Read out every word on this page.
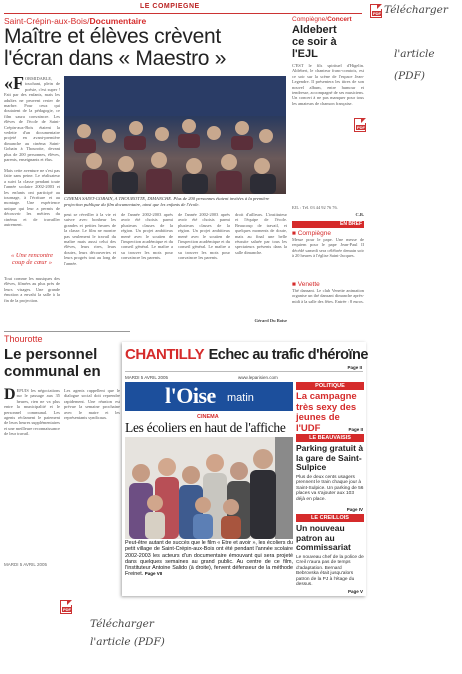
LE COMPIEGNE
Saint-Crépin-aux-Bois/Documentaire
Maître et élèves crèvent
l'écran dans « Maestro »
«F ORMIDABLE, touchant, plein de poésie, c'est super ! Fait par des enfants, mais les adultes ne peuvent rester de marbre. Pour ceux qui doutaient de la pédagogie, ce film saura convaincre. Les élèves de l'école de Saint-Crépin-aux-Bois étaient la vedette d'un documentaire projeté en avant-première dimanche au cinéma Saint-Gobain à Thourotte, devant plus de 200 personnes, élèves, parents, enseignants et élus.
Mais cette aventure ne s'est pas faite sans peine. Le réalisateur a suivi la classe pendant toute l'année scolaire 2002-2003 et les enfants ont participé au tournage, à l'écriture et au montage. Une expérience unique qui leur a permis de découvrir les métiers du cinéma et de travailler autrement.
« Une rencontre coup de cœur »
Tout comme les musiques des élèves, filmées au plus près de leurs visages. Une grande émotion a envahi la salle à la fin de la projection.
CINEMA SAINT-GOBAIN, A THOUROTTE, DIMANCHE. Plus de 200 personnes étaient invitées à la première projection publique du film documentaire, ainsi que les enfants de l'école.
peut se réveiller à la vie et suivre avec bonheur les grandes et petites heures de la classe. Le film ne montre pas seulement le travail du maître mais aussi celui des élèves, leurs rires, leurs doutes, leurs découvertes et leurs progrès tout au long de l'année.
de l'année 2002-2003 après avoir été choisis parmi plusieurs classes de la région. Un projet ambitieux mené avec le soutien de l'inspection académique et du conseil général. Le maître a su trouver les mots pour convaincre les parents.
de l'année 2002-2003 après avoir été choisis parmi plusieurs classes de la région. Un projet ambitieux mené avec le soutien de l'inspection académique et du conseil général. Le maître a su trouver les mots pour convaincre les parents.
droit d'ailleurs. L'instituteur et l'équipe de l'école. Beaucoup de travail, et quelques moments de doute, mais au final une belle réussite saluée par tous les spectateurs présents dans la salle dimanche.
Gérard Du Boise
Compiègne/Concert
Aldebert
ce soir à l'EJL
C'EST le fils spirituel d'Higelin. Aldebert, le chanteur franc-comtois, est ce soir sur la scène de l'espace Jean-Legendre. Il présentera les titres de son nouvel album, entre humour et tendresse, accompagné de ses musiciens. Un concert à ne pas manquer pour tous les amateurs de chanson française.
EJL : Tél. 03 44 92 76 76.
C.B.
EN BREF
■ Compiègne
Messe pour le pape. Une messe de requiem pour le pape Jean-Paul II décédé samedi sera célébrée demain soir à 20 heures à l'église Saint-Jacques.
■ Venette
Thé dansant. Le club Venette animation organise un thé dansant dimanche après-midi à la salle des fêtes. Entrée : 8 euros.
Thourotte
Le personnel
communal en
D EPUIS les négociations sur le passage aux 35 heures, rien ne va plus entre la municipalité et le personnel communal. Les agents réclament le paiement de leurs heures supplémentaires et une meilleure reconnaissance de leur travail.
Les agents rappellent que le dialogue social doit reprendre rapidement. Une réunion est prévue la semaine prochaine avec le maire et les représentants syndicaux.
MARDI 5 AVRIL 2005
CHANTILLY Echec au trafic d'héroïne
Page II
MARDI 5 AVRIL 2005	www.leparisien.com
l'Oise matin
CINEMA
Les écoliers en haut de l'affiche
Peut-être autant de succès que le film « Etre et avoir », les écoliers du petit village de Saint-Crépin-aux-Bois ont été pendant l'année scolaire 2002-2003 les acteurs d'un documentaire émouvant qui sera projeté dans quelques semaines au grand public. Au centre de ce film, l'instituteur Antoine Salido (à droite), fervent défenseur de la méthode Freinet. Page VII
POLITIQUE
La campagne très sexy des jeunes de l'UDF	Page II
LE BEAUVAISIS
Parking gratuit à la gare de Saint-Sulpice
Plus de deux cents usagers prennent le train chaque jour à Saint-Sulpice. Un parking de 56 places va s'ajouter aux 103 déjà en place.
Page IV
LE CREILLOIS
Un nouveau patron au commissariat
Le nouveau chef de la police de Creil n'aura pas de temps d'adaptation. Bernard Bebrovska était jusqu'alors patron de la PJ à l'étage du dessus.
Page V
PDF Télécharger
l'article
(PDF)
PDF
PDF
Télécharger
l'article (PDF)
